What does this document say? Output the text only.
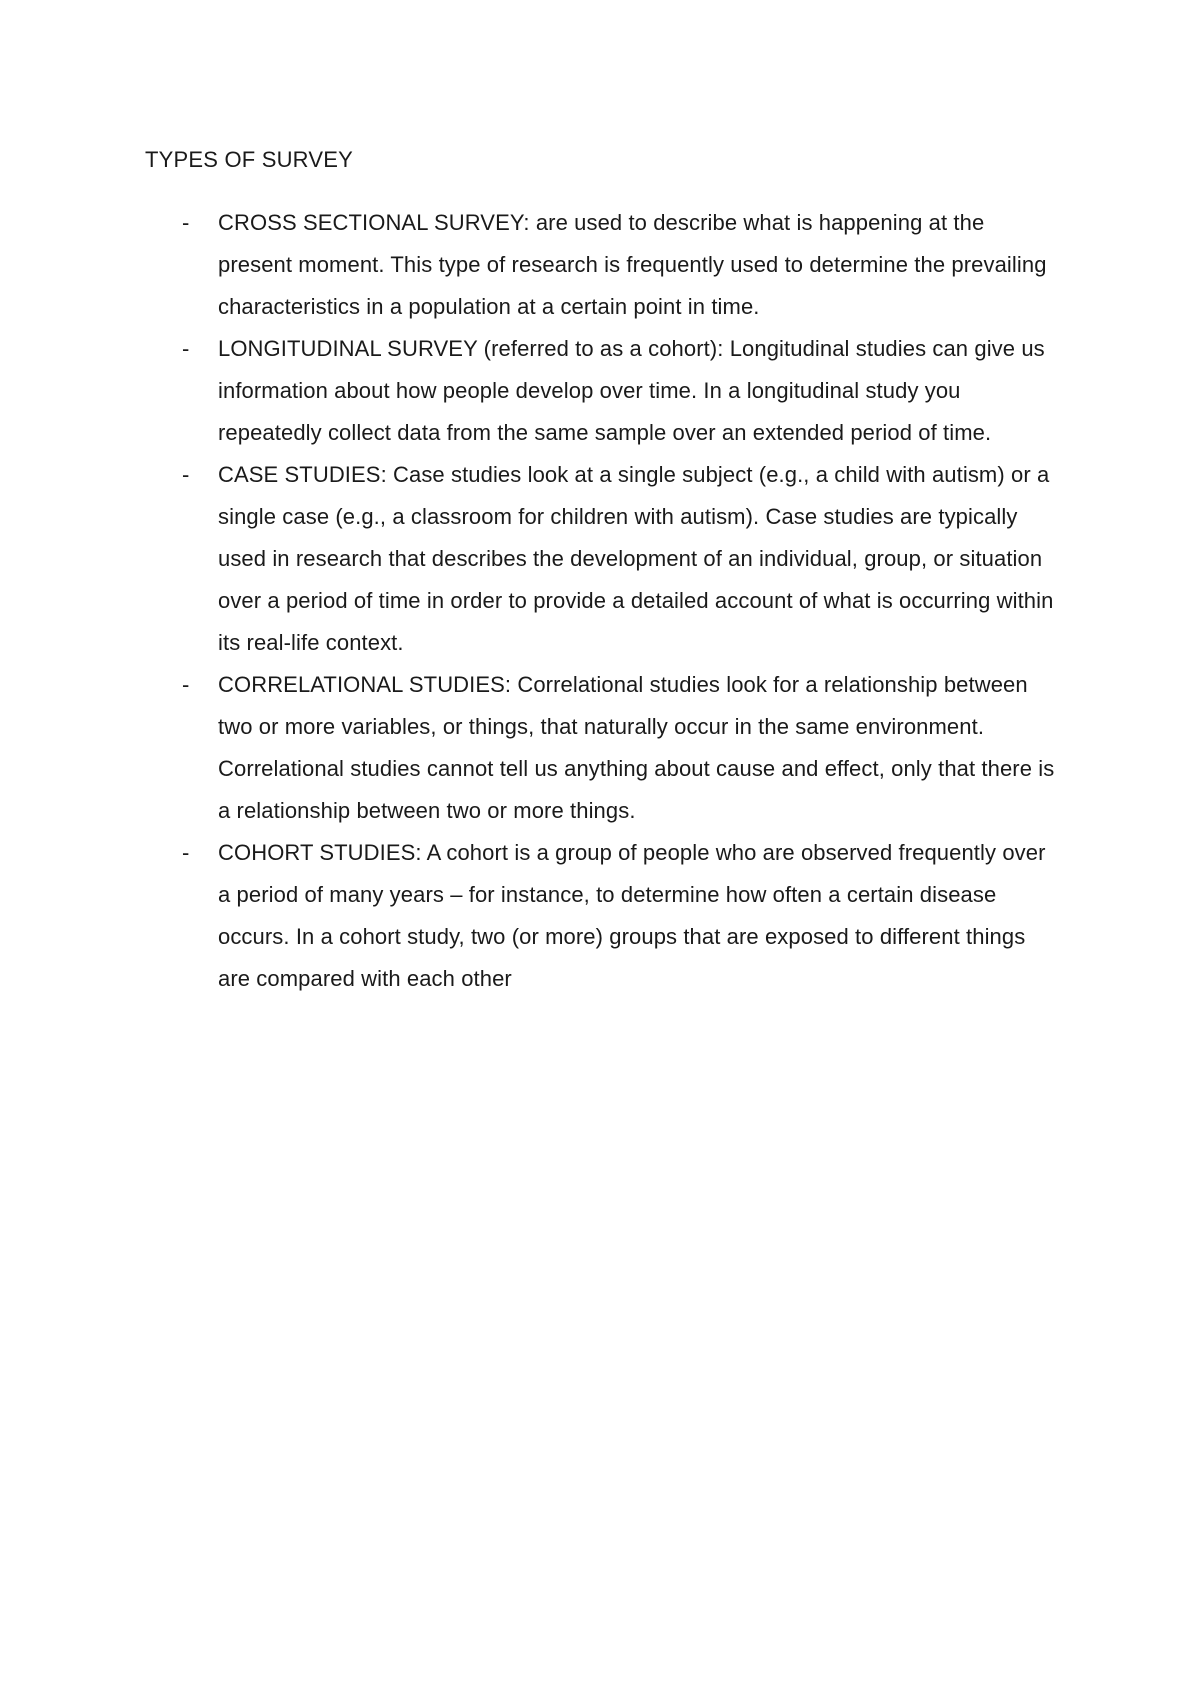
TYPES OF SURVEY
- CROSS SECTIONAL SURVEY: are used to describe what is happening at the present moment. This type of research is frequently used to determine the prevailing characteristics in a population at a certain point in time.
- LONGITUDINAL SURVEY (referred to as a cohort): Longitudinal studies can give us information about how people develop over time. In a longitudinal study you repeatedly collect data from the same sample over an extended period of time.
- CASE STUDIES: Case studies look at a single subject (e.g., a child with autism) or a single case (e.g., a classroom for children with autism). Case studies are typically used in research that describes the development of an individual, group, or situation over a period of time in order to provide a detailed account of what is occurring within its real-life context.
- CORRELATIONAL STUDIES: Correlational studies look for a relationship between two or more variables, or things, that naturally occur in the same environment. Correlational studies cannot tell us anything about cause and effect, only that there is a relationship between two or more things.
- COHORT STUDIES: A cohort is a group of people who are observed frequently over a period of many years – for instance, to determine how often a certain disease occurs. In a cohort study, two (or more) groups that are exposed to different things are compared with each other
